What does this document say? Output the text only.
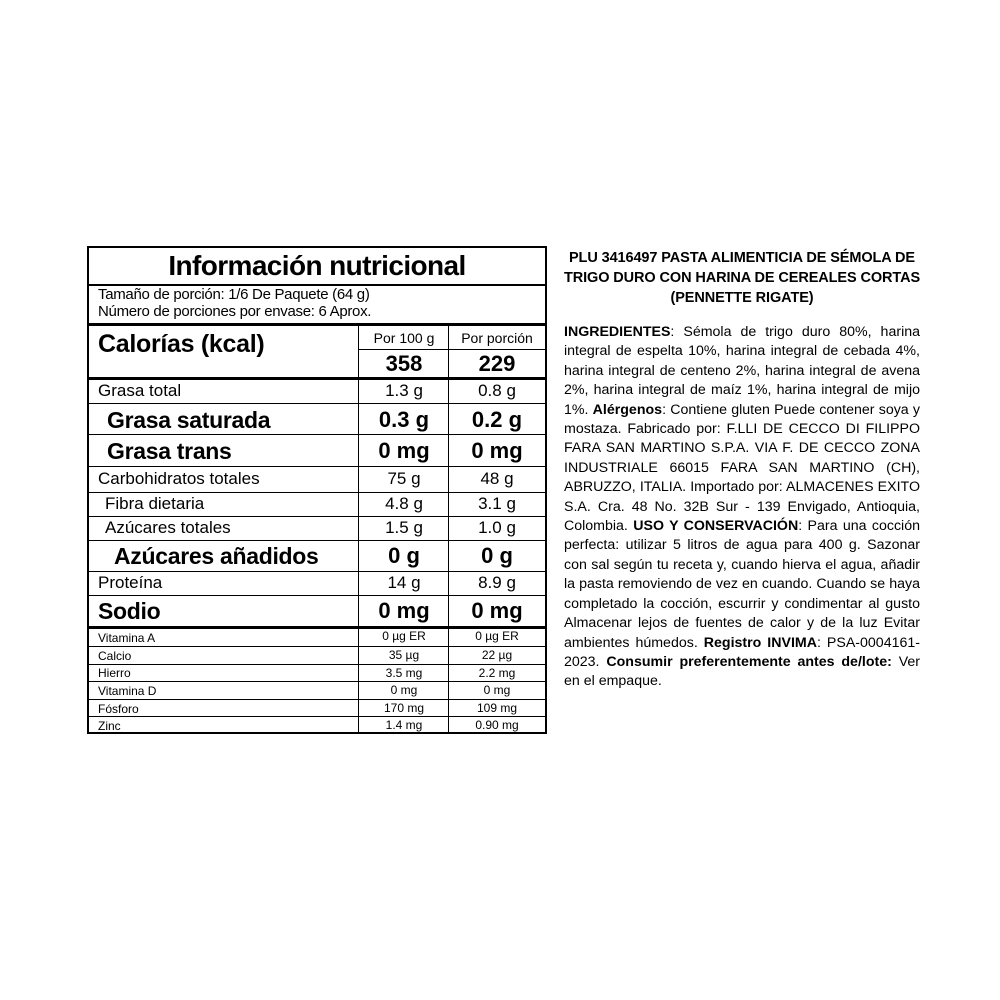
Información nutricional
Tamaño de porción: 1/6 De Paquete (64 g)
Número de porciones por envase: 6 Aprox.
Calorías (kcal)	Por 100 g	Por porción
358	229
Grasa total	1.3 g	0.8 g
Grasa saturada	0.3 g	0.2 g
Grasa trans	0 mg	0 mg
Carbohidratos totales	75 g	48 g
Fibra dietaria	4.8 g	3.1 g
Azúcares totales	1.5 g	1.0 g
Azúcares añadidos	0 g	0 g
Proteína	14 g	8.9 g
Sodio	0 mg	0 mg
Vitamina A	0 µg ER	0 µg ER
Calcio	35 µg	22 µg
Hierro	3.5 mg	2.2 mg
Vitamina D	0 mg	0 mg
Fósforo	170 mg	109 mg
Zinc	1.4 mg	0.90 mg
PLU 3416497 PASTA ALIMENTICIA DE SÉMOLA DE TRIGO DURO CON HARINA DE CEREALES CORTAS (PENNETTE RIGATE)
INGREDIENTES: Sémola de trigo duro 80%, harina integral de espelta 10%, harina integral de cebada 4%, harina integral de centeno 2%, harina integral de avena 2%, harina integral de maíz 1%, harina integral de mijo 1%. Alérgenos: Contiene gluten Puede contener soya y mostaza. Fabricado por: F.LLI DE CECCO DI FILIPPO FARA SAN MARTINO S.P.A. VIA F. DE CECCO ZONA INDUSTRIALE 66015 FARA SAN MARTINO (CH), ABRUZZO, ITALIA. Importado por: ALMACENES EXITO S.A. Cra. 48 No. 32B Sur - 139 Envigado, Antioquia, Colombia. USO Y CONSERVACIÓN: Para una cocción perfecta: utilizar 5 litros de agua para 400 g. Sazonar con sal según tu receta y, cuando hierva el agua, añadir la pasta removiendo de vez en cuando. Cuando se haya completado la cocción, escurrir y condimentar al gusto Almacenar lejos de fuentes de calor y de la luz Evitar ambientes húmedos. Registro INVIMA: PSA-0004161-2023. Consumir preferentemente antes de/lote: Ver en el empaque.
